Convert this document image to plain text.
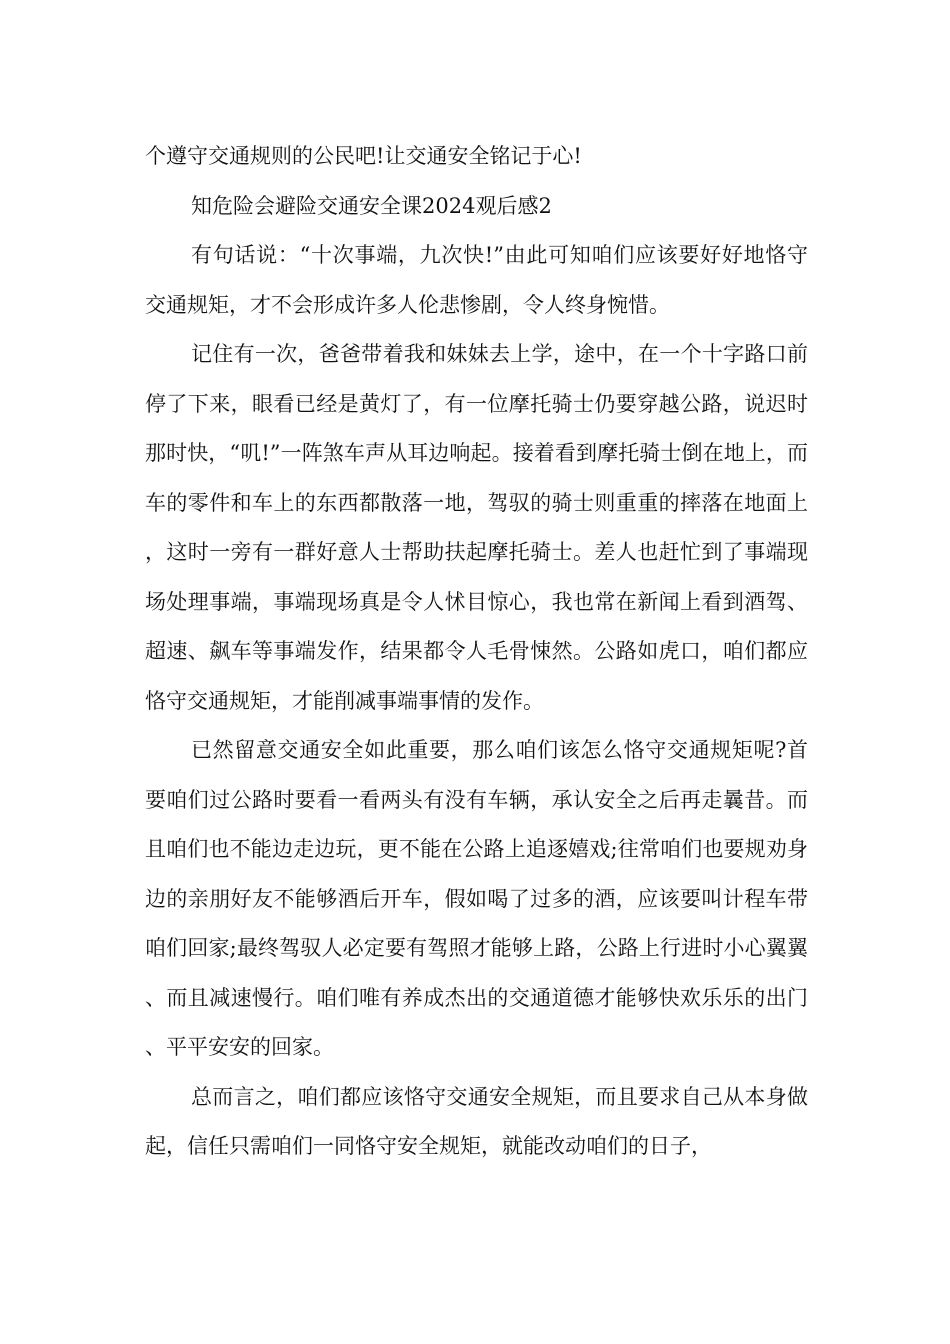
个遵守交通规则的公民吧!让交通安全铭记于心!

知危险会避险交通安全课2024观后感2

有句话说：“十次事端，九次快!”由此可知咱们应该要好好地恪守交通规矩，才不会形成许多人伦悲惨剧，令人终身惋惜。

记住有一次，爸爸带着我和妹妹去上学，途中，在一个十字路口前停了下来，眼看已经是黄灯了，有一位摩托骑士仍要穿越公路，说迟时那时快，“叽!”一阵煞车声从耳边响起。接着看到摩托骑士倒在地上，而车的零件和车上的东西都散落一地，驾驭的骑士则重重的摔落在地面上，这时一旁有一群好意人士帮助扶起摩托骑士。差人也赶忙到了事端现场处理事端，事端现场真是令人怵目惊心，我也常在新闻上看到酒驾、超速、飙车等事端发作，结果都令人毛骨悚然。公路如虎口，咱们都应恪守交通规矩，才能削减事端事情的发作。

已然留意交通安全如此重要，那么咱们该怎么恪守交通规矩呢?首要咱们过公路时要看一看两头有没有车辆，承认安全之后再走曩昔。而且咱们也不能边走边玩，更不能在公路上追逐嬉戏;往常咱们也要规劝身边的亲朋好友不能够酒后开车，假如喝了过多的酒，应该要叫计程车带咱们回家;最终驾驭人必定要有驾照才能够上路，公路上行进时小心翼翼、而且减速慢行。咱们唯有养成杰出的交通道德才能够快欢乐乐的出门、平平安安的回家。

总而言之，咱们都应该恪守交通安全规矩，而且要求自己从本身做起，信任只需咱们一同恪守安全规矩，就能改动咱们的日子，
